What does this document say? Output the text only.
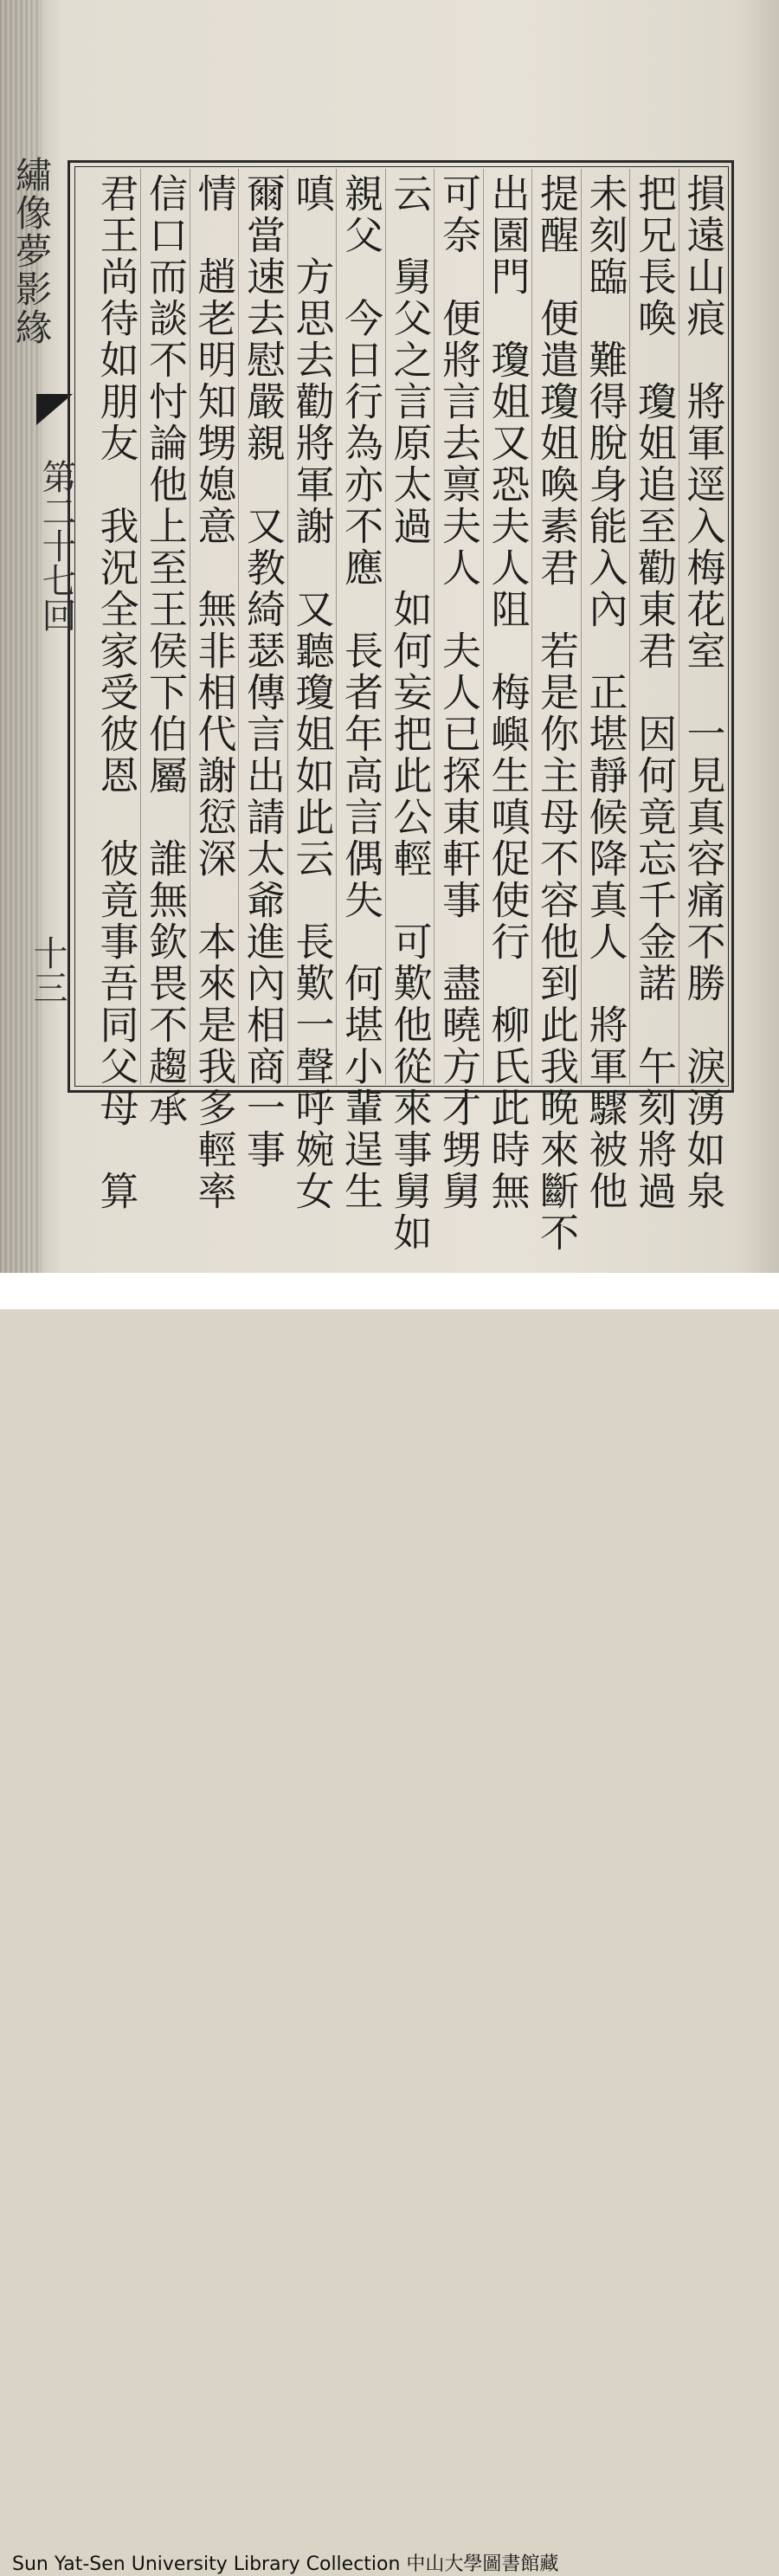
繡像夢影緣
第二十七回
十三	損遠山痕　將軍逕入梅花室　一見真容痛不勝　淚湧如泉
把兄長喚　瓊姐追至勸東君　因何竟忘千金諾　午刻將過
未刻臨　難得脫身能入內　正堪靜候降真人　將軍驟被他
提醒　便遣瓊姐喚素君　若是你主母不容他到此我晚來斷不
出園門　瓊姐又恐夫人阻　梅嶼生嗔促使行　柳氏此時無
可奈　便將言去禀夫人　夫人已探東軒事　盡曉方才甥舅
云　舅父之言原太過　如何妄把此公輕　可歎他從來事舅如
親父　今日行為亦不應　長者年高言偶失　何堪小輩逞生
嗔　方思去勸將軍謝　又聽瓊姐如此云　長歎一聲呼婉女
爾當速去慰嚴親　又教綺瑟傳言出請太爺進內相商一事
情　趙老明知甥媳意　無非相代謝愆深　本來是我多輕率
信口而談不忖論他上至王侯下伯屬　誰無欽畏不趨承
君王尚待如朋友　我況全家受彼恩　彼竟事吾同父母　算
Sun Yat-Sen University Library Collection 中山大學圖書館藏
